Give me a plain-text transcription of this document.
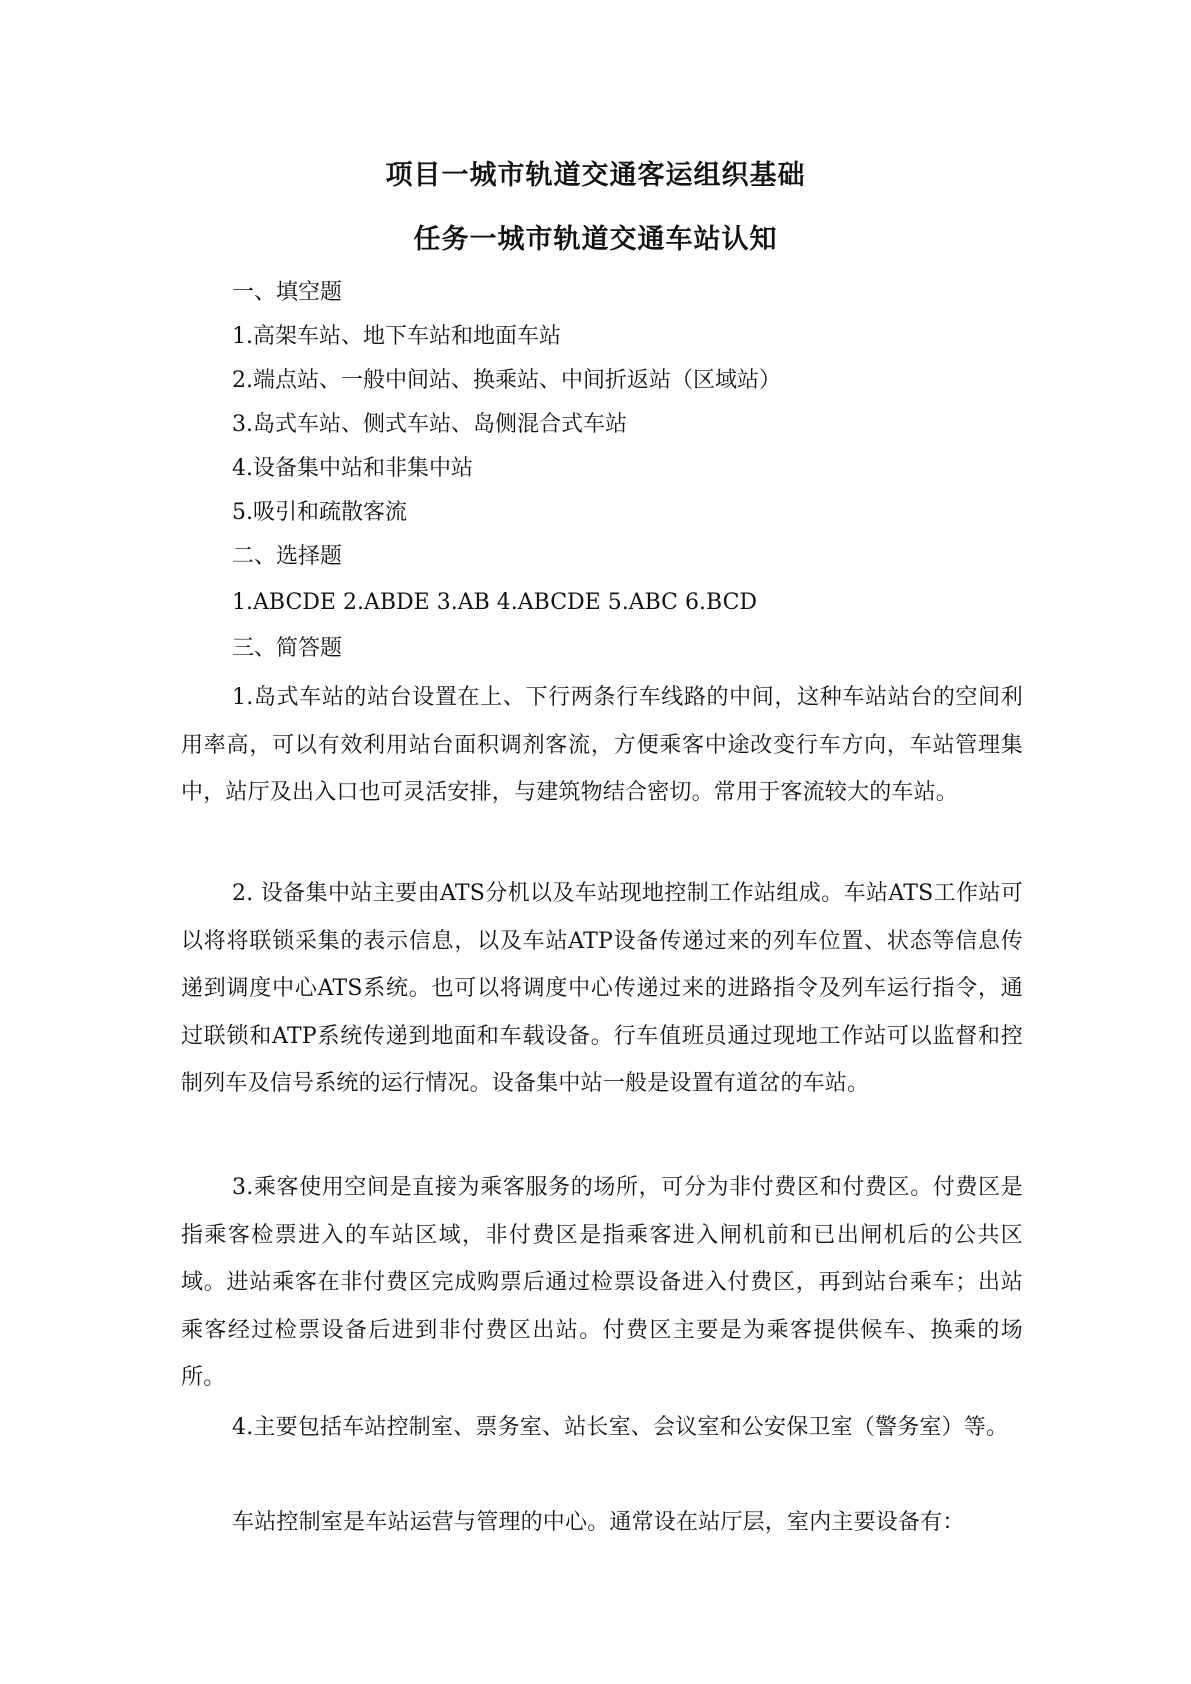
项目一城市轨道交通客运组织基础
任务一城市轨道交通车站认知
一、填空题
1.高架车站、地下车站和地面车站
2.端点站、一般中间站、换乘站、中间折返站（区域站）
3.岛式车站、侧式车站、岛侧混合式车站
4.设备集中站和非集中站
5.吸引和疏散客流
二、选择题
1.ABCDE 2.ABDE 3.AB 4.ABCDE 5.ABC 6.BCD
三、简答题
1.岛式车站的站台设置在上、下行两条行车线路的中间，这种车站站台的空间利用率高，可以有效利用站台面积调剂客流，方便乘客中途改变行车方向，车站管理集中，站厅及出入口也可灵活安排，与建筑物结合密切。常用于客流较大的车站。
2. 设备集中站主要由ATS分机以及车站现地控制工作站组成。车站ATS工作站可以将将联锁采集的表示信息，以及车站ATP设备传递过来的列车位置、状态等信息传递到调度中心ATS系统。也可以将调度中心传递过来的进路指令及列车运行指令，通过联锁和ATP系统传递到地面和车载设备。行车值班员通过现地工作站可以监督和控制列车及信号系统的运行情况。设备集中站一般是设置有道岔的车站。
3.乘客使用空间是直接为乘客服务的场所，可分为非付费区和付费区。付费区是指乘客检票进入的车站区域，非付费区是指乘客进入闸机前和已出闸机后的公共区域。进站乘客在非付费区完成购票后通过检票设备进入付费区，再到站台乘车；出站乘客经过检票设备后进到非付费区出站。付费区主要是为乘客提供候车、换乘的场所。
4.主要包括车站控制室、票务室、站长室、会议室和公安保卫室（警务室）等。
车站控制室是车站运营与管理的中心。通常设在站厅层，室内主要设备有：
